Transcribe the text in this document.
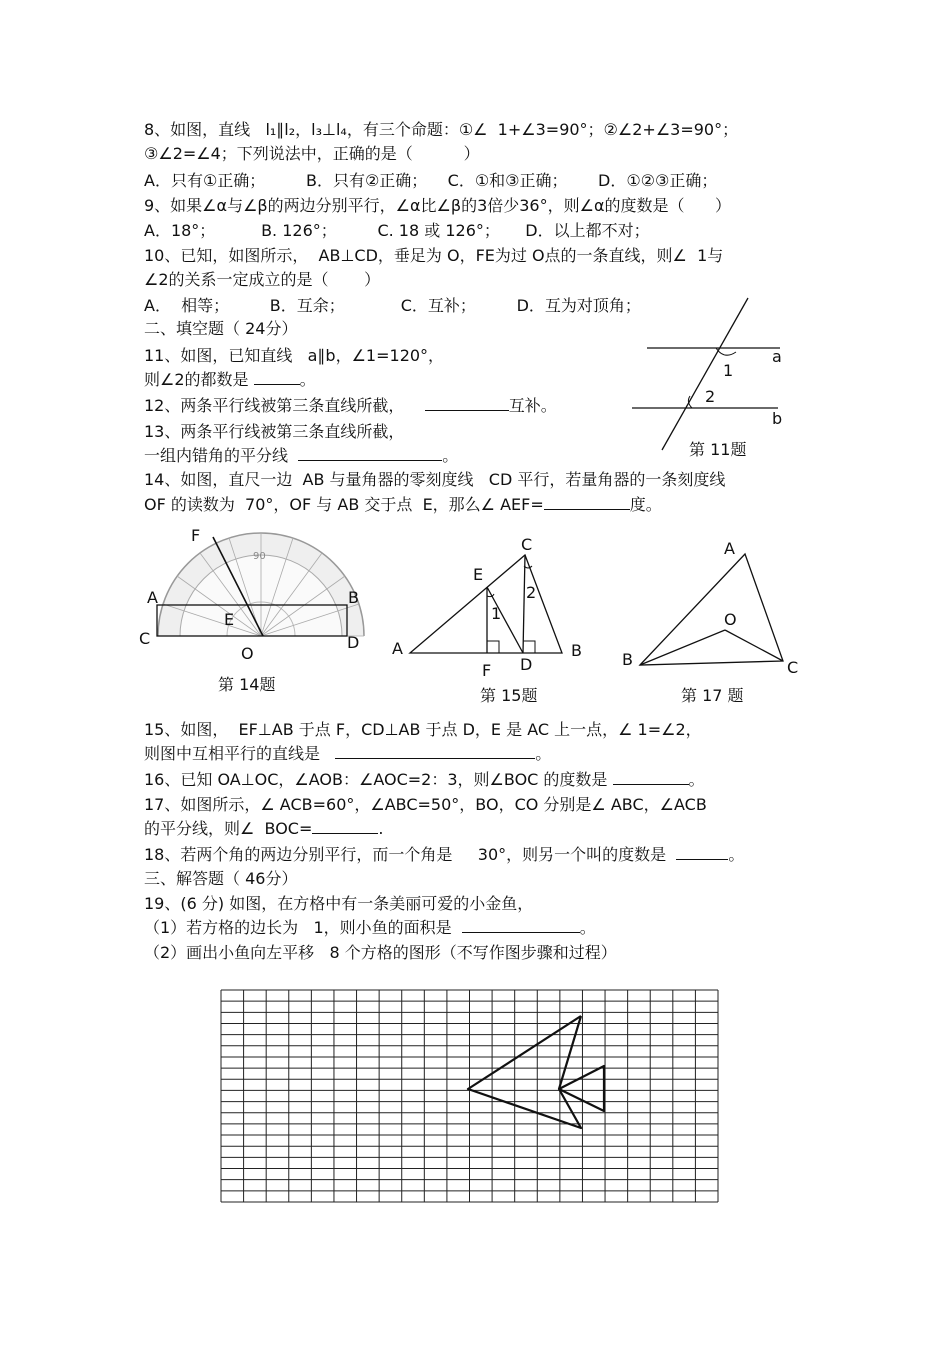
8、如图，直线   l₁∥l₂，l₃⊥l₄，有三个命题：①∠  1+∠3=90°；②∠2+∠3=90°；
③∠2=∠4；下列说法中，正确的是（          ）
A．只有①正确；        B．只有②正确；    C．①和③正确；      D．①②③正确；
9、如果∠α与∠β的两边分别平行，∠α比∠β的3倍少36°，则∠α的度数是（      ）
A．18°；         B. 126°；        C. 18 或 126°；     D．以上都不对；
10、已知，如图所示，  AB⊥CD，垂足为 O，FE为过 O点的一条直线，则∠  1与
∠2的关系一定成立的是（       ）
A．  相等；        B．互余；           C．互补；        D．互为对顶角；
二、填空题（ 24分）
11、如图，已知直线   a∥b，∠1=120°，
则∠2的都数是	。
12、两条平行线被第三条直线所截，	互补。
13、两条平行线被第三条直线所截，
一组内错角的平分线	。
14、如图，直尺一边  AB 与量角器的零刻度线   CD 平行，若量角器的一条刻度线
OF 的读数为  70°，OF 与 AB 交于点  E，那么∠ AEF=	度。
15、如图，  EF⊥AB 于点 F，CD⊥AB 于点 D，E 是 AC 上一点，∠ 1=∠2，
则图中互相平行的直线是	。
16、已知 OA⊥OC，∠AOB：∠AOC=2：3，则∠BOC 的度数是	。
17、如图所示，∠ ACB=60°，∠ABC=50°，BO，CO 分别是∠ ABC，∠ACB
的平分线，则∠  BOC=	.
18、若两个角的两边分别平行，而一个角是     30°，则另一个叫的度数是	。
三、解答题（ 46分）
19、(6 分) 如图，在方格中有一条美丽可爱的小金鱼，
（1）若方格的边长为   1，则小鱼的面积是	。
（2）画出小鱼向左平移   8 个方格的图形（不写作图步骤和过程）
a
b
1
2
第 11题
90
F
A	B
C	D
E
O
第 14题
C
E
A	B
F D
1
2
第 15题
A
O
B	C
第 17 题
